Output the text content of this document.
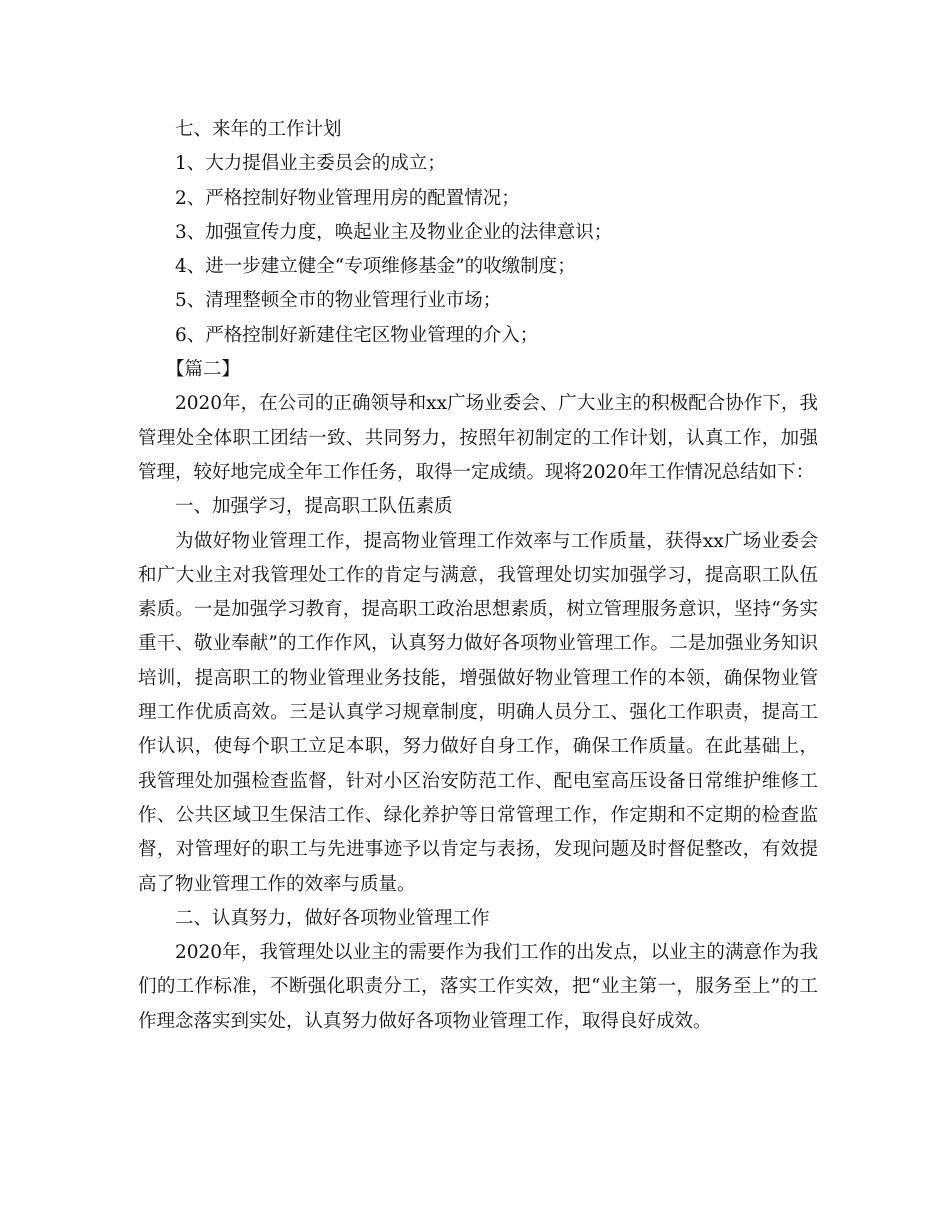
七、来年的工作计划

1、大力提倡业主委员会的成立；

2、严格控制好物业管理用房的配置情况；

3、加强宣传力度，唤起业主及物业企业的法律意识；

4、进一步建立健全“专项维修基金”的收缴制度；

5、清理整顿全市的物业管理行业市场；

6、严格控制好新建住宅区物业管理的介入；

【篇二】

2020年，在公司的正确领导和xx广场业委会、广大业主的积极配合协作下，我管理处全体职工团结一致、共同努力，按照年初制定的工作计划，认真工作，加强管理，较好地完成全年工作任务，取得一定成绩。现将2020年工作情况总结如下：

一、加强学习，提高职工队伍素质

为做好物业管理工作，提高物业管理工作效率与工作质量，获得xx广场业委会和广大业主对我管理处工作的肯定与满意，我管理处切实加强学习，提高职工队伍素质。一是加强学习教育，提高职工政治思想素质，树立管理服务意识，坚持“务实重干、敬业奉献”的工作作风，认真努力做好各项物业管理工作。二是加强业务知识培训，提高职工的物业管理业务技能，增强做好物业管理工作的本领，确保物业管理工作优质高效。三是认真学习规章制度，明确人员分工、强化工作职责，提高工作认识，使每个职工立足本职，努力做好自身工作，确保工作质量。在此基础上，我管理处加强检查监督，针对小区治安防范工作、配电室高压设备日常维护维修工作、公共区域卫生保洁工作、绿化养护等日常管理工作，作定期和不定期的检查监督，对管理好的职工与先进事迹予以肯定与表扬，发现问题及时督促整改，有效提高了物业管理工作的效率与质量。

二、认真努力，做好各项物业管理工作

2020年，我管理处以业主的需要作为我们工作的出发点，以业主的满意作为我们的工作标准，不断强化职责分工，落实工作实效，把“业主第一，服务至上”的工作理念落实到实处，认真努力做好各项物业管理工作，取得良好成效。
